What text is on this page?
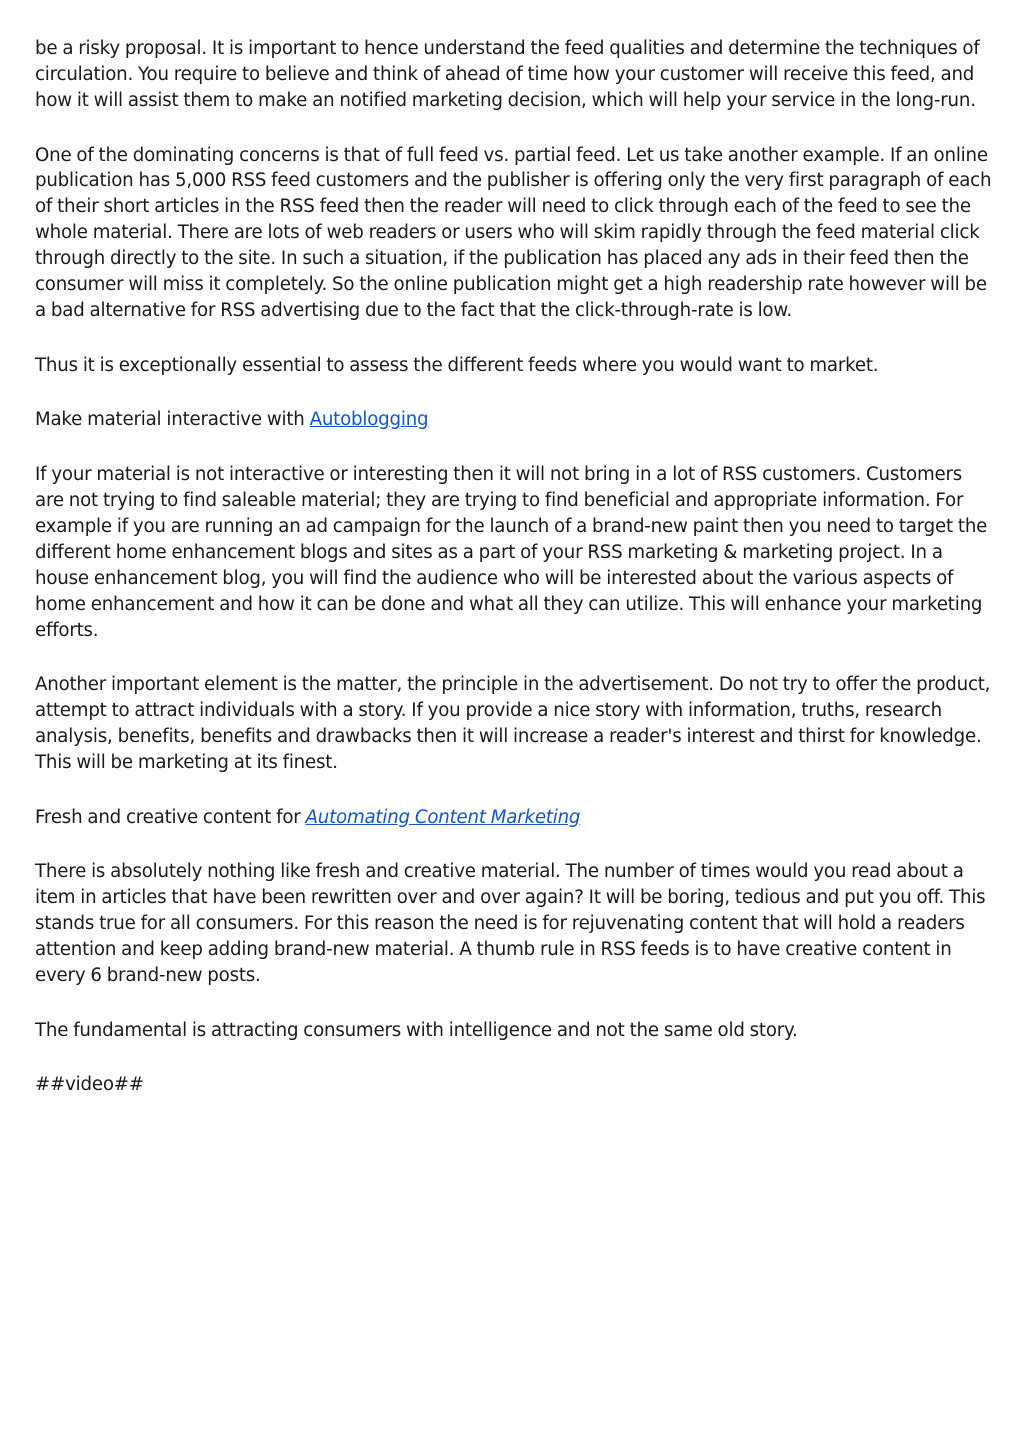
be a risky proposal. It is important to hence understand the feed qualities and determine the techniques of circulation. You require to believe and think of ahead of time how your customer will receive this feed, and how it will assist them to make an notified marketing decision, which will help your service in the long-run.

One of the dominating concerns is that of full feed vs. partial feed. Let us take another example. If an online publication has 5,000 RSS feed customers and the publisher is offering only the very first paragraph of each of their short articles in the RSS feed then the reader will need to click through each of the feed to see the whole material. There are lots of web readers or users who will skim rapidly through the feed material click through directly to the site. In such a situation, if the publication has placed any ads in their feed then the consumer will miss it completely. So the online publication might get a high readership rate however will be a bad alternative for RSS advertising due to the fact that the click-through-rate is low.

Thus it is exceptionally essential to assess the different feeds where you would want to market.

Make material interactive with Autoblogging

If your material is not interactive or interesting then it will not bring in a lot of RSS customers. Customers are not trying to find saleable material; they are trying to find beneficial and appropriate information. For example if you are running an ad campaign for the launch of a brand-new paint then you need to target the different home enhancement blogs and sites as a part of your RSS marketing & marketing project. In a house enhancement blog, you will find the audience who will be interested about the various aspects of home enhancement and how it can be done and what all they can utilize. This will enhance your marketing efforts.

Another important element is the matter, the principle in the advertisement. Do not try to offer the product, attempt to attract individuals with a story. If you provide a nice story with information, truths, research analysis, benefits, benefits and drawbacks then it will increase a reader's interest and thirst for knowledge. This will be marketing at its finest.

Fresh and creative content for Automating Content Marketing

There is absolutely nothing like fresh and creative material. The number of times would you read about a item in articles that have been rewritten over and over again? It will be boring, tedious and put you off. This stands true for all consumers. For this reason the need is for rejuvenating content that will hold a readers attention and keep adding brand-new material. A thumb rule in RSS feeds is to have creative content in every 6 brand-new posts.

The fundamental is attracting consumers with intelligence and not the same old story.

##video##
